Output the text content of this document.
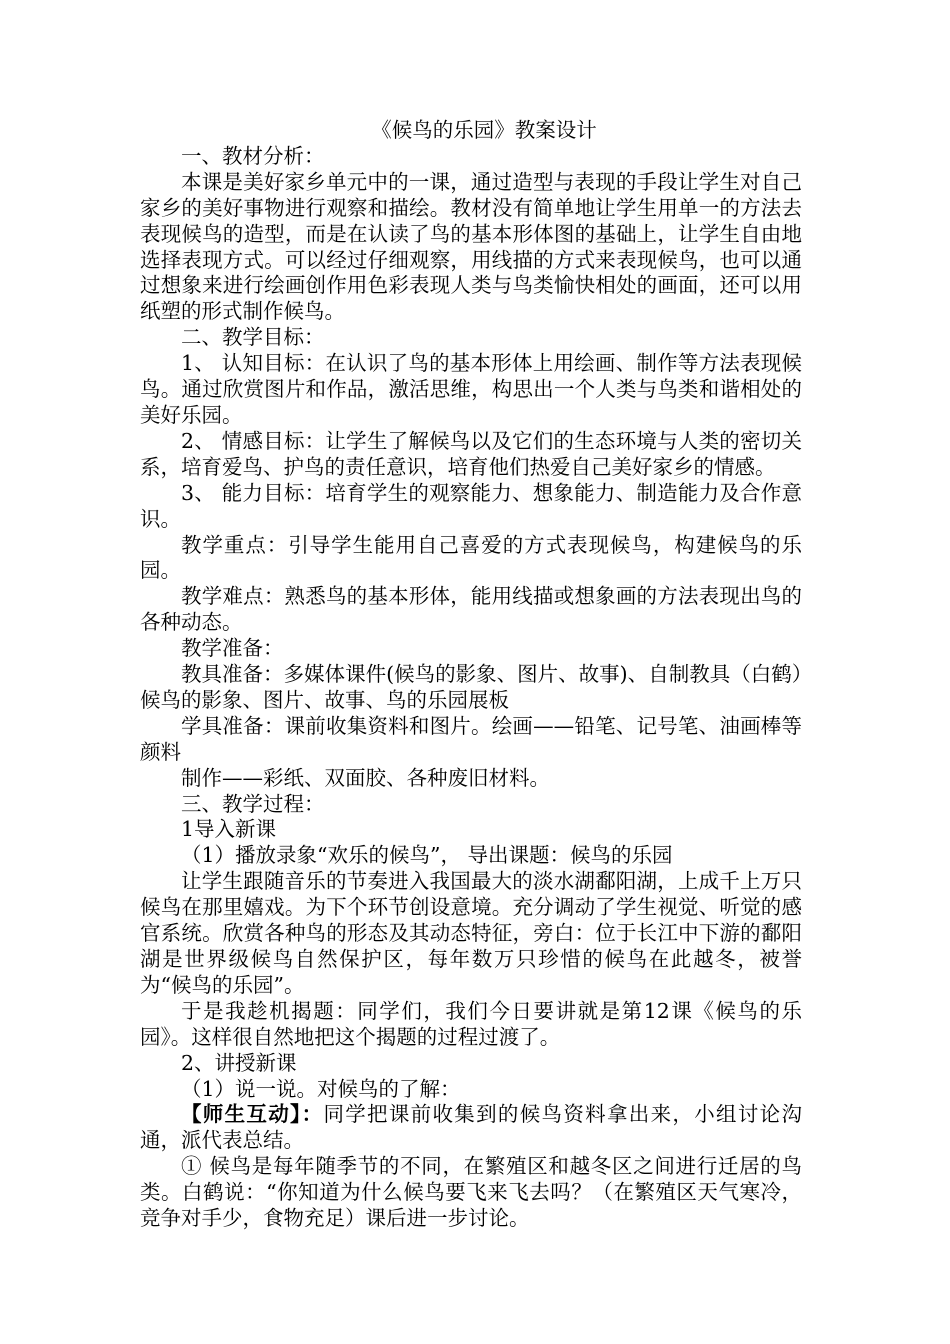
《候鸟的乐园》教案设计

一、教材分析：

本课是美好家乡单元中的一课，通过造型与表现的手段让学生对自己家乡的美好事物进行观察和描绘。教材没有简单地让学生用单一的方法去表现候鸟的造型，而是在认读了鸟的基本形体图的基础上，让学生自由地选择表现方式。可以经过仔细观察，用线描的方式来表现候鸟，也可以通过想象来进行绘画创作用色彩表现人类与鸟类愉快相处的画面，还可以用纸塑的形式制作候鸟。

二、教学目标：

1、 认知目标：在认识了鸟的基本形体上用绘画、制作等方法表现候鸟。通过欣赏图片和作品，激活思维，构思出一个人类与鸟类和谐相处的美好乐园。

2、 情感目标：让学生了解候鸟以及它们的生态环境与人类的密切关系，培育爱鸟、护鸟的责任意识，培育他们热爱自己美好家乡的情感。

3、 能力目标：培育学生的观察能力、想象能力、制造能力及合作意识。

教学重点：引导学生能用自己喜爱的方式表现候鸟，构建候鸟的乐园。

教学难点：熟悉鸟的基本形体，能用线描或想象画的方法表现出鸟的各种动态。

教学准备：

教具准备：多媒体课件(候鸟的影象、图片、故事)、自制教具（白鹤）候鸟的影象、图片、故事、鸟的乐园展板

学具准备：课前收集资料和图片。绘画——铅笔、记号笔、油画棒等颜料

制作——彩纸、双面胶、各种废旧材料。

三、教学过程：

1导入新课

（1）播放录象“欢乐的候鸟”， 导出课题：候鸟的乐园

让学生跟随音乐的节奏进入我国最大的淡水湖鄱阳湖，上成千上万只候鸟在那里嬉戏。为下个环节创设意境。充分调动了学生视觉、听觉的感官系统。欣赏各种鸟的形态及其动态特征，旁白：位于长江中下游的鄱阳湖是世界级候鸟自然保护区，每年数万只珍惜的候鸟在此越冬，被誉为“候鸟的乐园”。

于是我趁机揭题：同学们，我们今日要讲就是第12课《候鸟的乐园》。这样很自然地把这个揭题的过程过渡了。

2、讲授新课

（1）说一说。对候鸟的了解：

【师生互动】：同学把课前收集到的候鸟资料拿出来，小组讨论沟通，派代表总结。

① 候鸟是每年随季节的不同，在繁殖区和越冬区之间进行迁居的鸟类。白鹤说：“你知道为什么候鸟要飞来飞去吗？（在繁殖区天气寒冷，竞争对手少，食物充足）课后进一步讨论。
